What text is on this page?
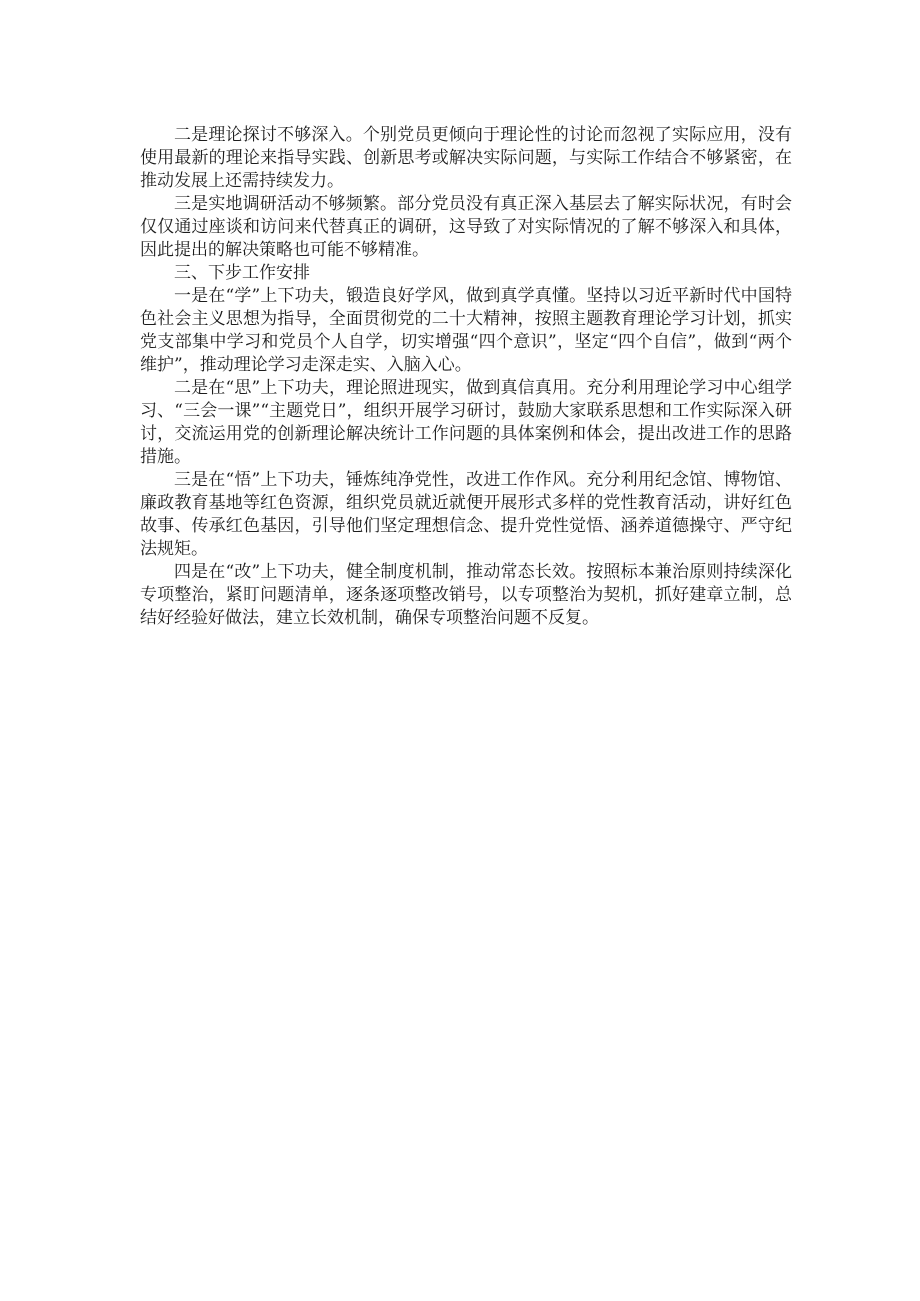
二是理论探讨不够深入。个别党员更倾向于理论性的讨论而忽视了实际应用，没有使用最新的理论来指导实践、创新思考或解决实际问题，与实际工作结合不够紧密，在推动发展上还需持续发力。

三是实地调研活动不够频繁。部分党员没有真正深入基层去了解实际状况，有时会仅仅通过座谈和访问来代替真正的调研，这导致了对实际情况的了解不够深入和具体，因此提出的解决策略也可能不够精准。

三、下步工作安排

一是在“学”上下功夫，锻造良好学风，做到真学真懂。坚持以习近平新时代中国特色社会主义思想为指导，全面贯彻党的二十大精神，按照主题教育理论学习计划，抓实党支部集中学习和党员个人自学，切实增强“四个意识”，坚定“四个自信”，做到“两个维护”，推动理论学习走深走实、入脑入心。

二是在“思”上下功夫，理论照进现实，做到真信真用。充分利用理论学习中心组学习、“三会一课”“主题党日”，组织开展学习研讨，鼓励大家联系思想和工作实际深入研讨，交流运用党的创新理论解决统计工作问题的具体案例和体会，提出改进工作的思路措施。

三是在“悟”上下功夫，锤炼纯净党性，改进工作作风。充分利用纪念馆、博物馆、廉政教育基地等红色资源，组织党员就近就便开展形式多样的党性教育活动，讲好红色故事、传承红色基因，引导他们坚定理想信念、提升党性觉悟、涵养道德操守、严守纪法规矩。

四是在“改”上下功夫，健全制度机制，推动常态长效。按照标本兼治原则持续深化专项整治，紧盯问题清单，逐条逐项整改销号，以专项整治为契机，抓好建章立制，总结好经验好做法，建立长效机制，确保专项整治问题不反复。
